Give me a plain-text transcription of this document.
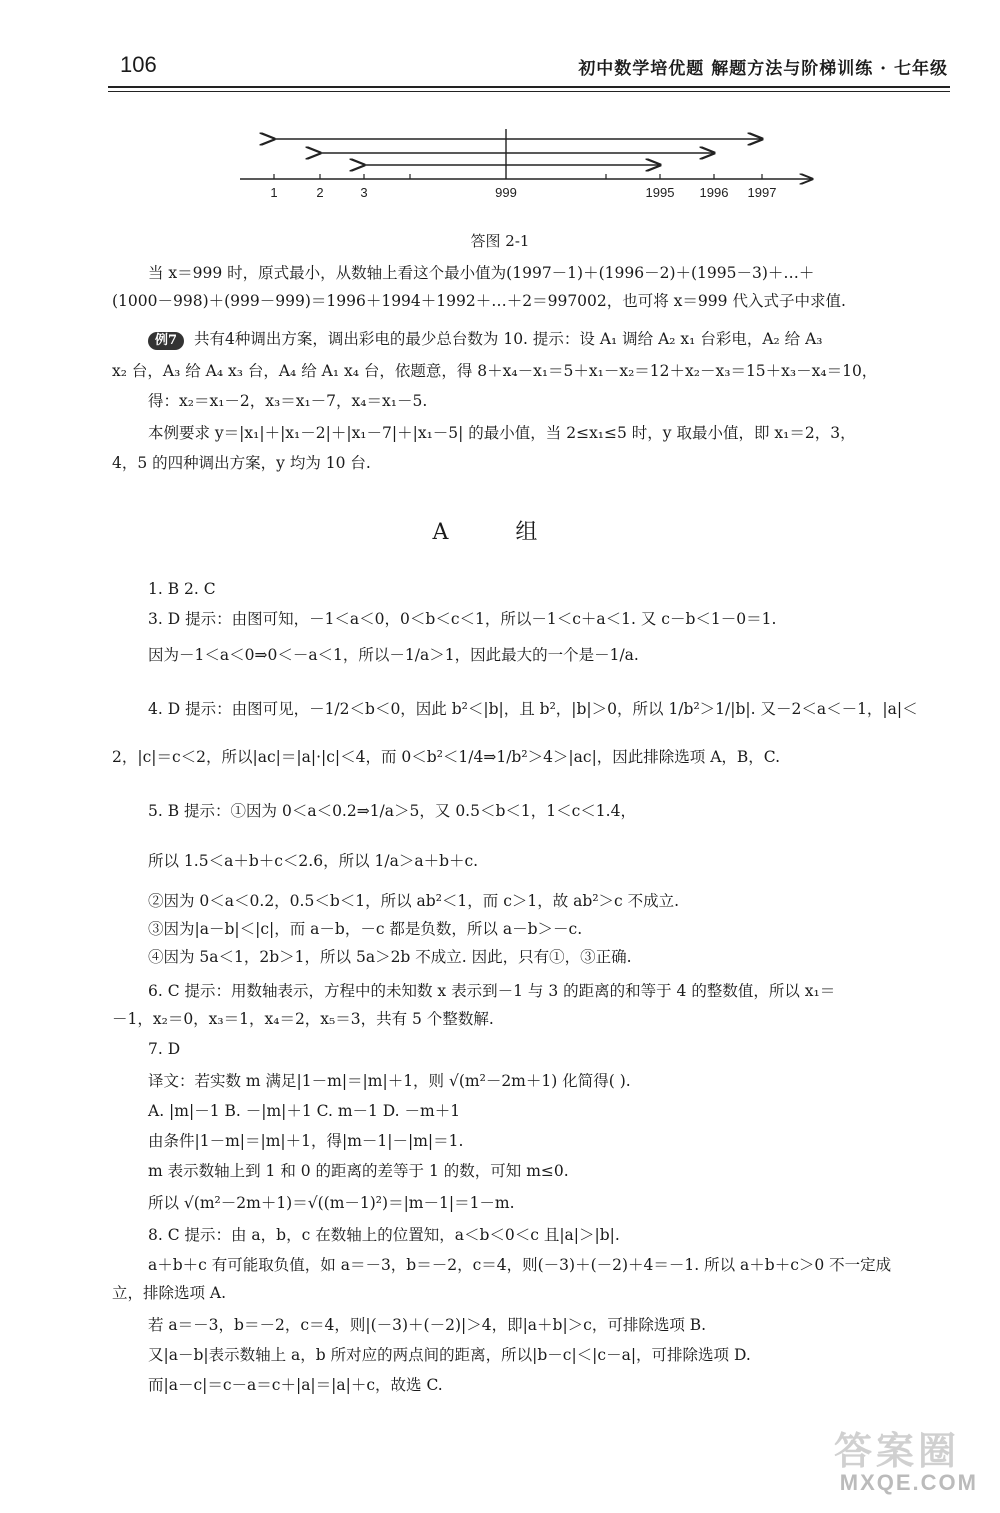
106	初中数学培优题 解题方法与阶梯训练 · 七年级
1	2	3	999	1995 1996 1997
答图 2-1
当 x＝999 时，原式最小，从数轴上看这个最小值为(1997－1)＋(1996－2)＋(1995－3)＋…＋
(1000－998)＋(999－999)＝1996＋1994＋1992＋…＋2＝997002，也可将 x＝999 代入式子中求值.
例7 共有4种调出方案，调出彩电的最少总台数为 10. 提示：设 A₁ 调给 A₂ x₁ 台彩电，A₂ 给 A₃
x₂ 台，A₃ 给 A₄ x₃ 台，A₄ 给 A₁ x₄ 台，依题意，得 8＋x₄－x₁＝5＋x₁－x₂＝12＋x₂－x₃＝15＋x₃－x₄＝10，
得：x₂＝x₁－2，x₃＝x₁－7，x₄＝x₁－5.
本例要求 y＝|x₁|＋|x₁－2|＋|x₁－7|＋|x₁－5| 的最小值，当 2≤x₁≤5 时，y 取最小值，即 x₁＝2，3，
4，5 的四种调出方案，y 均为 10 台.
A 组
1. B 2. C
3. D 提示：由图可知，－1＜a＜0，0＜b＜c＜1，所以－1＜c＋a＜1. 又 c－b＜1－0＝1.
因为－1＜a＜0⇒0＜－a＜1，所以－1/a＞1，因此最大的一个是－1/a.
4. D 提示：由图可见，－1/2＜b＜0，因此 b²＜|b|，且 b²，|b|＞0，所以 1/b²＞1/|b|. 又－2＜a＜－1，|a|＜
2，|c|＝c＜2，所以|ac|＝|a|·|c|＜4，而 0＜b²＜1/4⇒1/b²＞4＞|ac|，因此排除选项 A，B，C.
5. B 提示：①因为 0＜a＜0.2⇒1/a＞5，又 0.5＜b＜1，1＜c＜1.4，
所以 1.5＜a＋b＋c＜2.6，所以 1/a＞a＋b＋c.
②因为 0＜a＜0.2，0.5＜b＜1，所以 ab²＜1，而 c＞1，故 ab²＞c 不成立.
③因为|a－b|＜|c|，而 a－b，－c 都是负数，所以 a－b＞－c.
④因为 5a＜1，2b＞1，所以 5a＞2b 不成立. 因此，只有①，③正确.
6. C 提示：用数轴表示，方程中的未知数 x 表示到－1 与 3 的距离的和等于 4 的整数值，所以 x₁＝
－1，x₂＝0，x₃＝1，x₄＝2，x₅＝3，共有 5 个整数解.
7. D
译文：若实数 m 满足|1－m|＝|m|＋1，则 √(m²－2m＋1) 化简得( ).
A. |m|－1 B. －|m|＋1 C. m－1 D. －m＋1
由条件|1－m|＝|m|＋1，得|m－1|－|m|＝1.
m 表示数轴上到 1 和 0 的距离的差等于 1 的数，可知 m≤0.
所以 √(m²－2m＋1)＝√((m－1)²)＝|m－1|＝1－m.
8. C 提示：由 a，b，c 在数轴上的位置知，a＜b＜0＜c 且|a|＞|b|.
a＋b＋c 有可能取负值，如 a＝－3，b＝－2，c＝4，则(－3)＋(－2)＋4＝－1. 所以 a＋b＋c＞0 不一定成
立，排除选项 A.
若 a＝－3，b＝－2，c＝4，则|(－3)＋(－2)|＞4，即|a＋b|＞c，可排除选项 B.
又|a－b|表示数轴上 a，b 所对应的两点间的距离，所以|b－c|＜|c－a|，可排除选项 D.
而|a－c|＝c－a＝c＋|a|＝|a|＋c，故选 C.
答案圈
MXQE.COM
